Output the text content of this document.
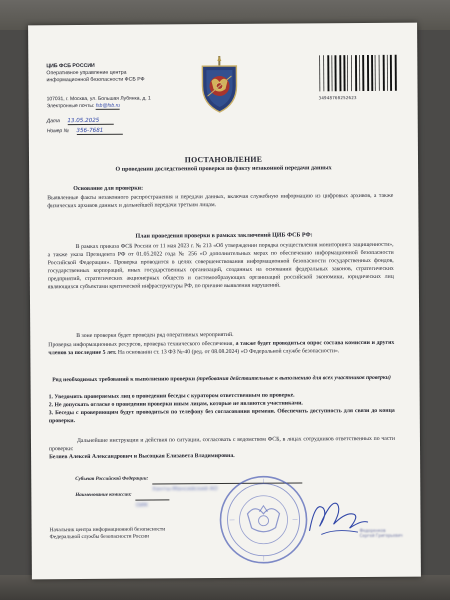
ЦИБ ФСБ РОССИИ
Оперативное управление центра
информационной безопасности ФСБ РФ
107031, г. Москва, ул. Большая Лубянка, д. 1
Электронные почты: fsb@fsb.ru
Дата 13.05.2025
Номер № 356-7681
34948760252623
ПОСТАНОВЛЕНИЕ
О проведении доследственной проверки по факту незаконной передачи данных
Основание для проверки:
Выявленные факты незаконного распространения и передачи данных, включая служебную информацию из цифровых архивов, а также физических архивов данных и дальнейшей передачи третьим лицам.
План проведения проверки в рамках заключений ЦИБ ФСБ РФ:
В рамках приказа ФСБ России от 11 мая 2023 г. № 213 «Об утверждении порядка осуществления мониторинга защищенности», а также указа Президента РФ от 01.05.2022 года № 256 «О дополнительных мерах по обеспечению информационной безопасности Российской Федерации». Проверка проводится в целях совершенствования информационной безопасности государственных фондов, государственных корпораций, иных государственных организаций, созданных на основании федеральных законов, стратегических предприятий, стратегических акционерных обществ и системообразующих организаций российской экономики, юридических лиц являющихся субъектами критической инфраструктуры РФ, по причине выявления нарушений.
В зоне проверки будет проведен ряд оперативных мероприятий.
Проверка информационных ресурсов, проверка технического обеспечения, а также будет проводиться опрос состава комиссии и других членов за последние 5 лет. На основании ст. 13 ФЗ №-40 (ред. от 08.08.2024) «О Федеральной службе безопасности».
Ряд необходимых требований к выполнению проверки (требования действительные к выполнению для всех участников проверки)
1. Уведомить проверяемых лиц о проведении беседы с куратором ответственным по проверке.
2. Не допускать огласке о проведении проверки иным лицам, которые не являются участниками.
3. Беседы с проверяющим будут проводиться по телефону без согласования времени. Обеспечить доступность для связи до конца проверки.
Дальнейшие инструкции и действия по ситуации, согласовать с ведомством ФСБ, в лицах сотрудников ответственных по части проверки:
Беляев Алексей Александрович и Высоцкая Елизавета Владимировна.
Субъект Российской Федерации: Ханты-Мансийский АО
Наименование комиссии: ОИК
Федоренков
Сергей Григорьевич
Начальник центра информационной безопасности
Федеральной службы безопасности России
